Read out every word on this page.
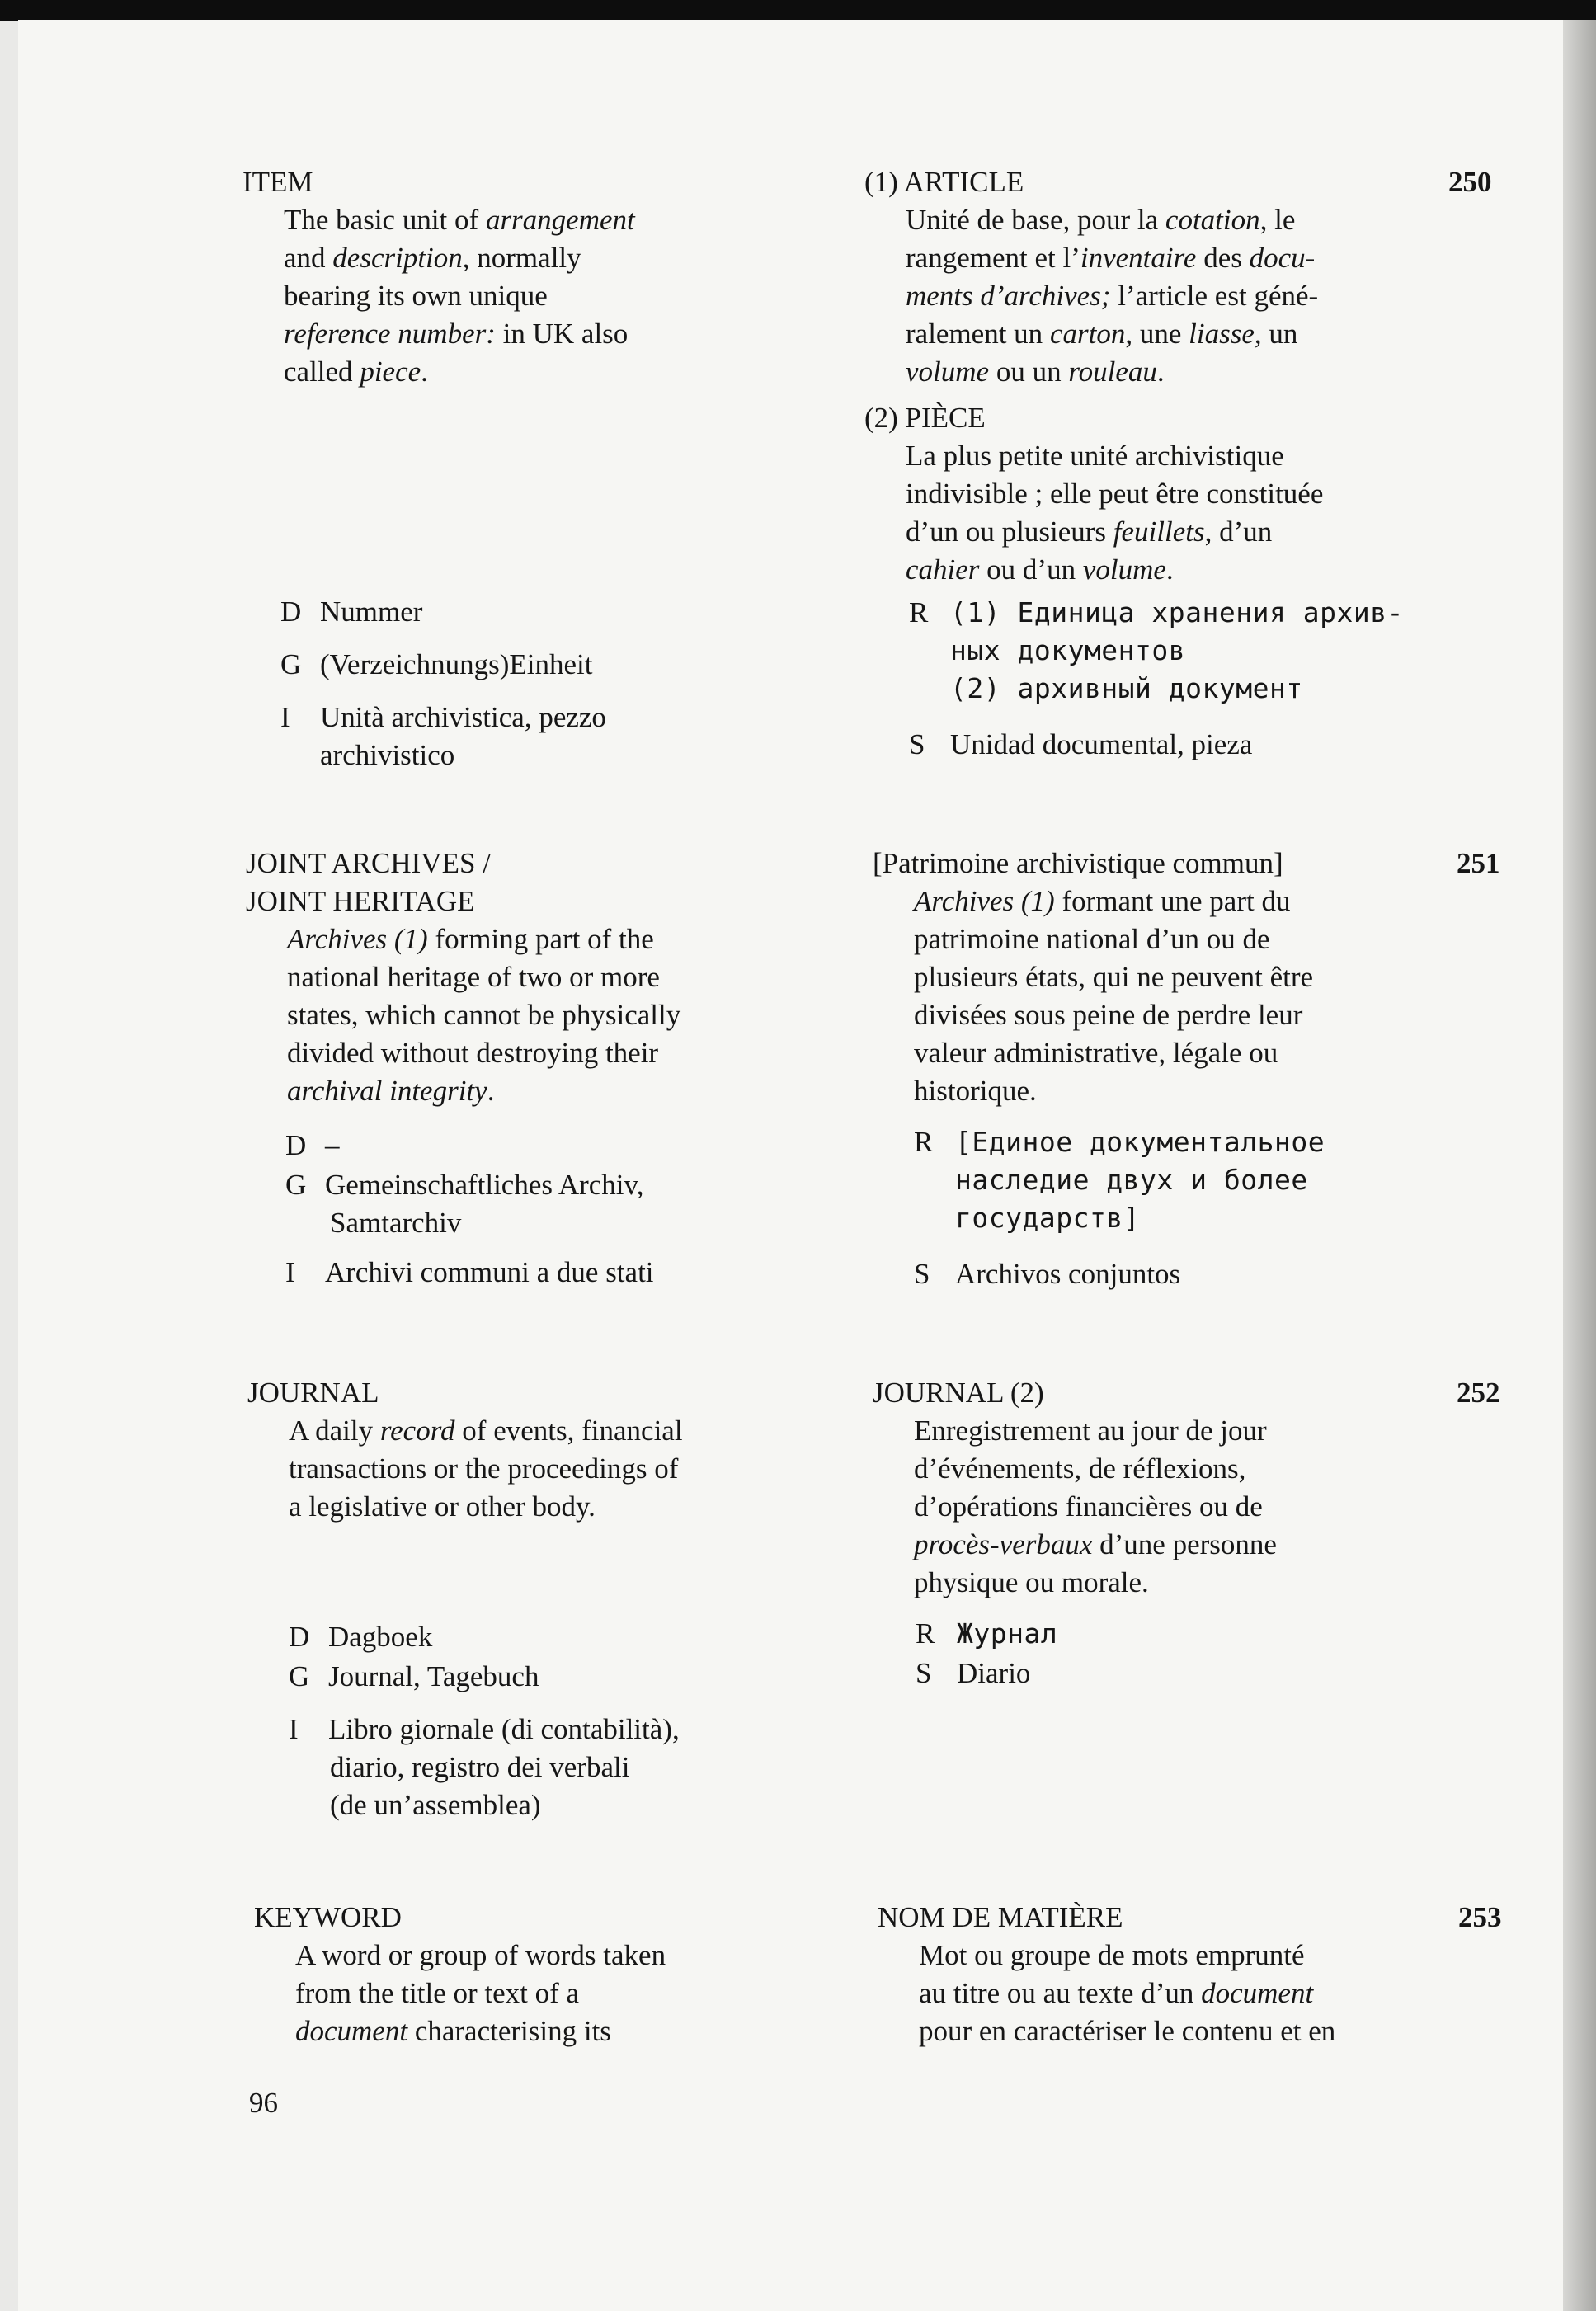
ITEM
The basic unit of arrangement
and description, normally
bearing its own unique
reference number: in UK also
called piece.
D Nummer
G (Verzeichnungs)Einheit
I Unità archivistica, pezzo
archivistico
(1) ARTICLE
Unité de base, pour la cotation, le
rangement et l’inventaire des docu-
ments d’archives; l’article est géné-
ralement un carton, une liasse, un
volume ou un rouleau.
(2) PIÈCE
La plus petite unité archivistique
indivisible ; elle peut être constituée
d’un ou plusieurs feuillets, d’un
cahier ou d’un volume.
R (1) Единица хранения архив-
ных документов
(2) архивный документ
S Unidad documental, pieza
250
JOINT ARCHIVES /
JOINT HERITAGE
Archives (1) forming part of the
national heritage of two or more
states, which cannot be physically
divided without destroying their
archival integrity.
D –
G Gemeinschaftliches Archiv,
Samtarchiv
I Archivi communi a due stati
[Patrimoine archivistique commun]
Archives (1) formant une part du
patrimoine national d’un ou de
plusieurs états, qui ne peuvent être
divisées sous peine de perdre leur
valeur administrative, légale ou
historique.
R [Единое документальное
наследие двух и более
государств]
S Archivos conjuntos
251
JOURNAL
A daily record of events, financial
transactions or the proceedings of
a legislative or other body.
D Dagboek
G Journal, Tagebuch
I Libro giornale (di contabilità),
diario, registro dei verbali
(de un’assemblea)
JOURNAL (2)
Enregistrement au jour de jour
d’événements, de réflexions,
d’opérations financières ou de
procès-verbaux d’une personne
physique ou morale.
R Журнал
S Diario
252
KEYWORD
A word or group of words taken
from the title or text of a
document characterising its
NOM DE MATIÈRE
Mot ou groupe de mots emprunté
au titre ou au texte d’un document
pour en caractériser le contenu et en
253
96
